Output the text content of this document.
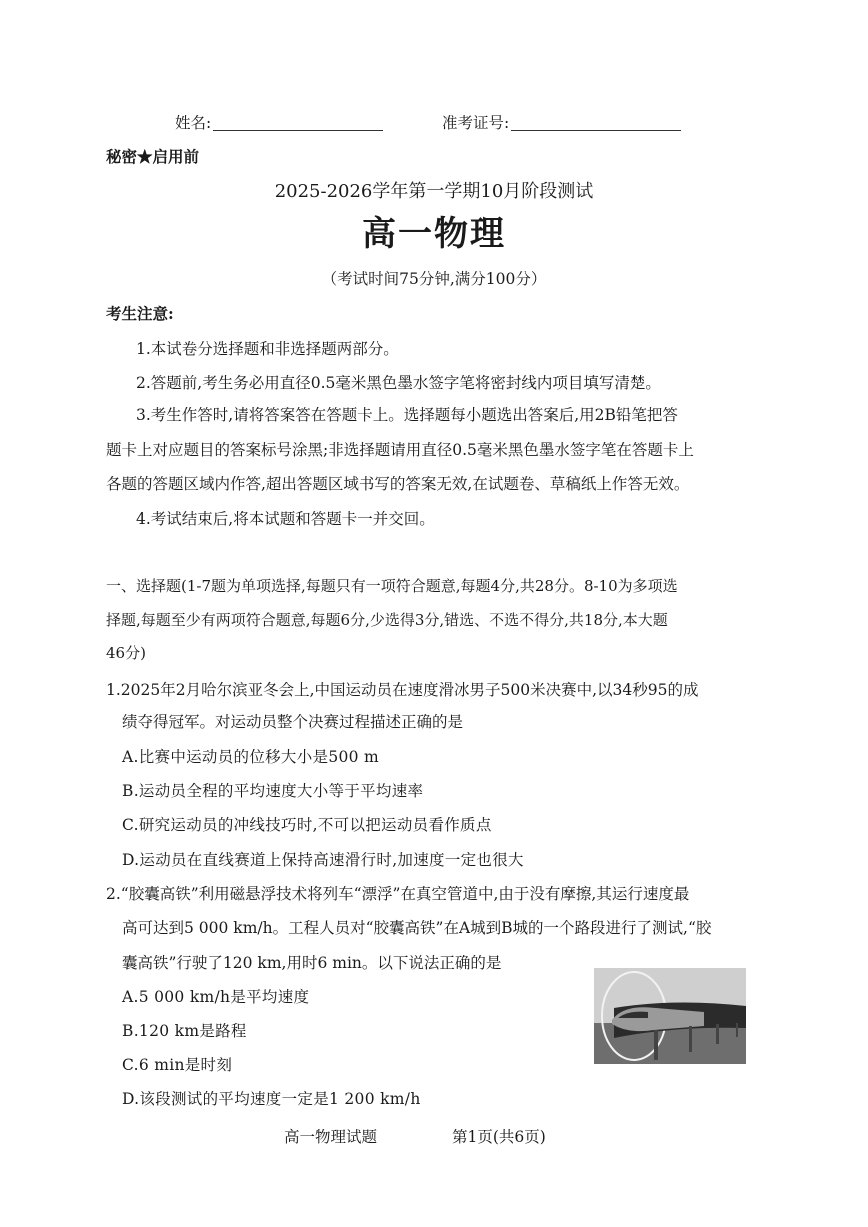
姓名:	准考证号:
秘密★启用前
2025-2026学年第一学期10月阶段测试
高一物理
（考试时间75分钟,满分100分）
考生注意:
1.本试卷分选择题和非选择题两部分。
2.答题前,考生务必用直径0.5毫米黑色墨水签字笔将密封线内项目填写清楚。
3.考生作答时,请将答案答在答题卡上。选择题每小题选出答案后,用2B铅笔把答
题卡上对应题目的答案标号涂黑;非选择题请用直径0.5毫米黑色墨水签字笔在答题卡上
各题的答题区域内作答,超出答题区域书写的答案无效,在试题卷、草稿纸上作答无效。
4.考试结束后,将本试题和答题卡一并交回。
一、选择题(1-7题为单项选择,每题只有一项符合题意,每题4分,共28分。8-10为多项选
择题,每题至少有两项符合题意,每题6分,少选得3分,错选、不选不得分,共18分,本大题
46分)
1.2025年2月哈尔滨亚冬会上,中国运动员在速度滑冰男子500米决赛中,以34秒95的成
绩夺得冠军。对运动员整个决赛过程描述正确的是
A.比赛中运动员的位移大小是500 m
B.运动员全程的平均速度大小等于平均速率
C.研究运动员的冲线技巧时,不可以把运动员看作质点
D.运动员在直线赛道上保持高速滑行时,加速度一定也很大
2.“胶囊高铁”利用磁悬浮技术将列车“漂浮”在真空管道中,由于没有摩擦,其运行速度最
高可达到5 000 km/h。工程人员对“胶囊高铁”在A城到B城的一个路段进行了测试,“胶
囊高铁”行驶了120 km,用时6 min。以下说法正确的是
A.5 000 km/h是平均速度
B.120 km是路程
C.6 min是时刻
D.该段测试的平均速度一定是1 200 km/h
高一物理试题	第1页(共6页)
